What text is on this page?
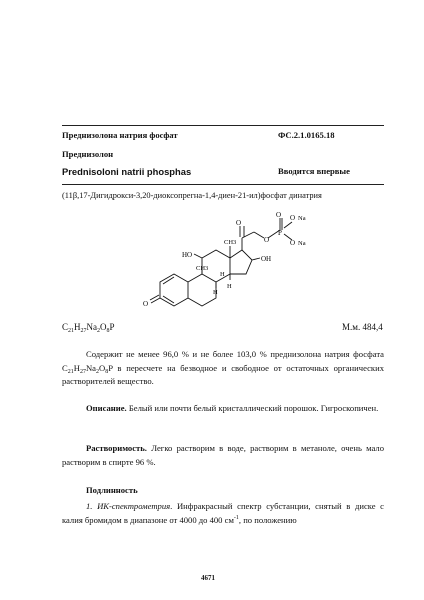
Преднизолона натрия фосфат	ФС.2.1.0165.18
Преднизолон
Prednisoloni natrii phosphas	Вводится впервые
(11β,17-Дигидрокси-3,20-диоксопрегна-1,4-диен-21-ил)фосфат динатрия
O Na
O
P
O
O	Na
O
CH3
OH
HO
CH3
H
H
H
O
$C_{21}H_{27}Na_2O_8P$	М.м. 484,4
Содержит не менее 96,0 % и не более 103,0 % преднизолона натрия фосфата $C_{21}H_{27}Na_2O_8P$ в пересчете на безводное и свободное от остаточных органических растворителей вещество.
Описание. Белый или почти белый кристаллический порошок. Гигроскопичен.
Растворимость. Легко растворим в воде, растворим в метаноле, очень мало растворим в спирте 96 %.
Подлинность
1. ИК-спектрометрия. Инфракрасный спектр субстанции, снятый в диске с калия бромидом в диапазоне от 4000 до 400 $см^{-1}$, по положению
4671
